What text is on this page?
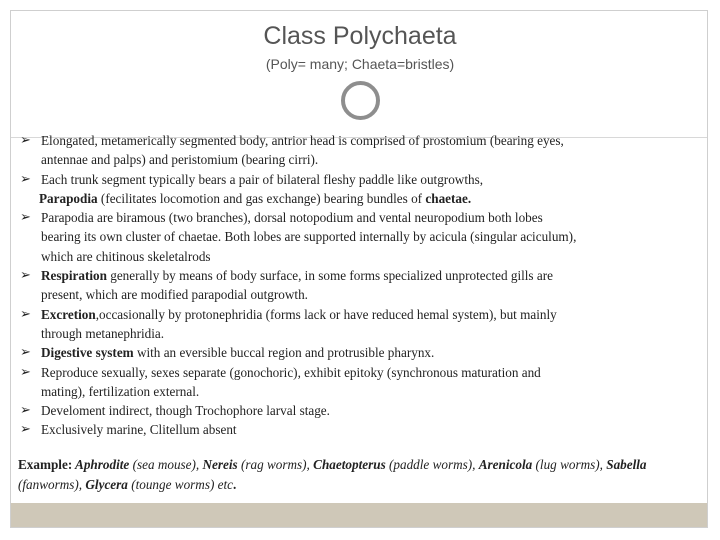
Class Polychaeta
(Poly= many; Chaeta=bristles)
➢ Elongated, metamerically segmented body, antrior head is comprised of prostomium (bearing eyes,
antennae and palps) and peristomium (bearing cirri).
➢ Each trunk segment typically bears a pair of bilateral fleshy paddle like outgrowths,
Parapodia (fecilitates locomotion and gas exchange) bearing bundles of chaetae.
➢ Parapodia are biramous (two branches), dorsal notopodium and vental neuropodium both lobes
bearing its own cluster of chaetae. Both lobes are supported internally by acicula (singular aciculum),
which are chitinous skeletalrods
➢ Respiration generally by means of body surface, in some forms specialized unprotected gills are
present, which are modified parapodial outgrowth.
➢ Excretion,occasionally by protonephridia (forms lack or have reduced hemal system), but mainly
through metanephridia.
➢ Digestive system with an eversible buccal region and protrusible pharynx.
➢ Reproduce sexually, sexes separate (gonochoric), exhibit epitoky (synchronous maturation and
mating), fertilization external.
➢ Develoment indirect, though Trochophore larval stage.
➢ Exclusively marine, Clitellum absent
Example: Aphrodite (sea mouse), Nereis (rag worms), Chaetopterus (paddle worms), Arenicola (lug worms), Sabella (fanworms), Glycera (tounge worms) etc.
